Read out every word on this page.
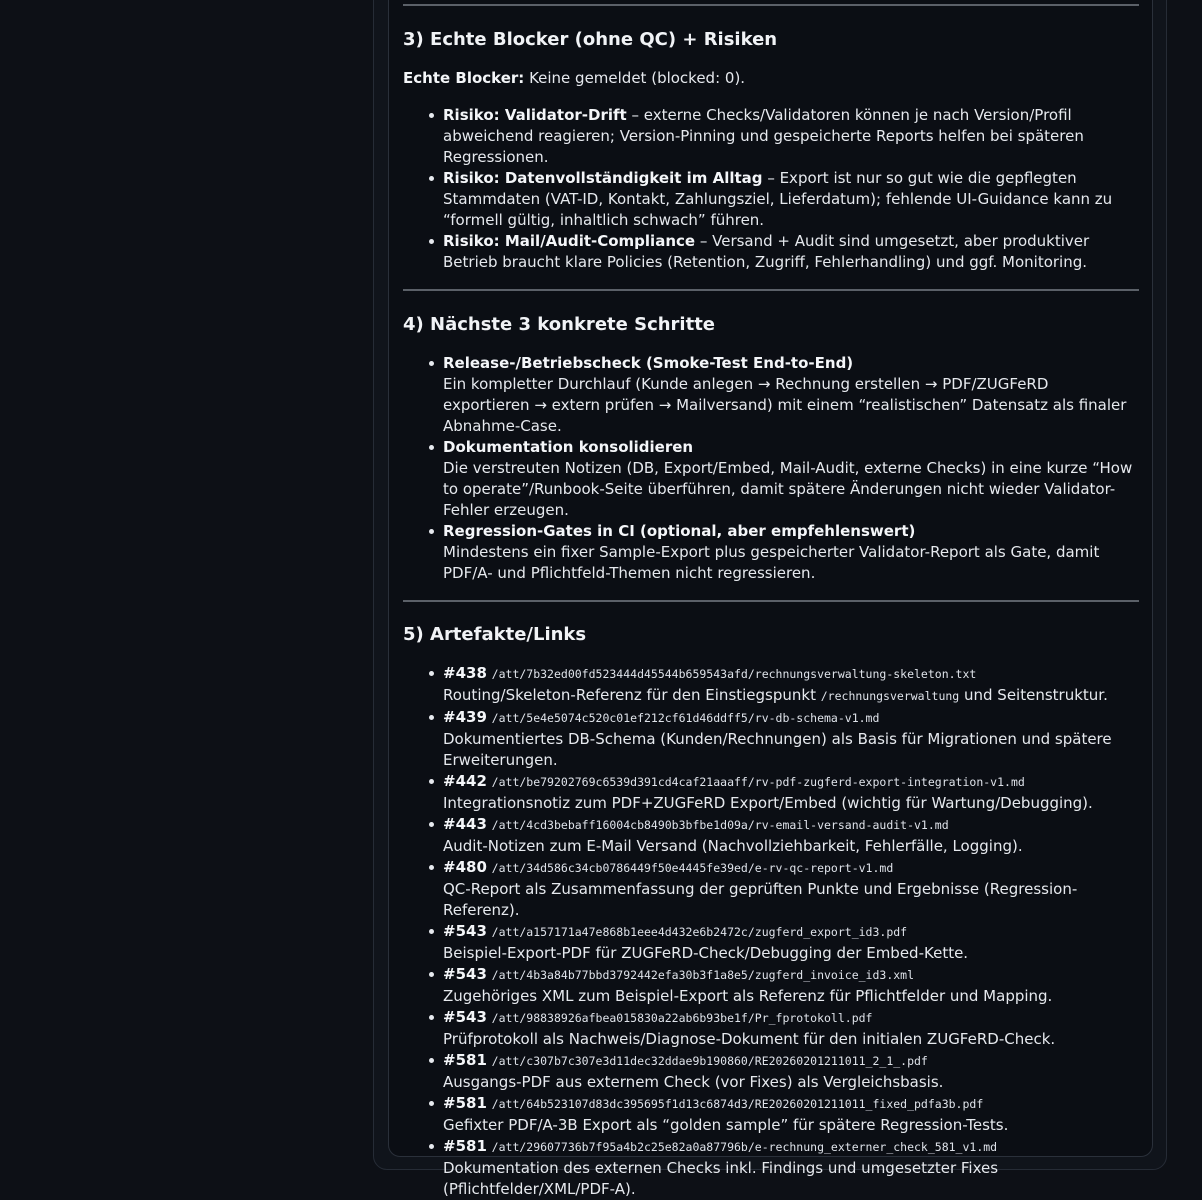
3) Echte Blocker (ohne QC) + Risiken

Echte Blocker: Keine gemeldet (blocked: 0).

Risiko: Validator-Drift – externe Checks/Validatoren können je nach Version/Profil abweichend reagieren; Version-Pinning und gespeicherte Reports helfen bei späteren Regressionen.
Risiko: Datenvollständigkeit im Alltag – Export ist nur so gut wie die gepflegten Stammdaten (VAT-ID, Kontakt, Zahlungsziel, Lieferdatum); fehlende UI-Guidance kann zu “formell gültig, inhaltlich schwach” führen.
Risiko: Mail/Audit-Compliance – Versand + Audit sind umgesetzt, aber produktiver Betrieb braucht klare Policies (Retention, Zugriff, Fehlerhandling) und ggf. Monitoring.
4) Nächste 3 konkrete Schritte
Release-/Betriebscheck (Smoke-Test End-to-End)
Ein kompletter Durchlauf (Kunde anlegen → Rechnung erstellen → PDF/ZUGFeRD exportieren → extern prüfen → Mailversand) mit einem “realistischen” Datensatz als finaler Abnahme-Case.
Dokumentation konsolidieren
Die verstreuten Notizen (DB, Export/Embed, Mail-Audit, externe Checks) in eine kurze “How to operate”/Runbook-Seite überführen, damit spätere Änderungen nicht wieder Validator-Fehler erzeugen.
Regression-Gates in CI (optional, aber empfehlenswert)
Mindestens ein fixer Sample-Export plus gespeicherter Validator-Report als Gate, damit PDF/A- und Pflichtfeld-Themen nicht regressieren.
5) Artefakte/Links
#438 /att/7b32ed00fd523444d45544b659543afd/rechnungsverwaltung-skeleton.txt
Routing/Skeleton-Referenz für den Einstiegspunkt /rechnungsverwaltung und Seitenstruktur.
#439 /att/5e4e5074c520c01ef212cf61d46ddff5/rv-db-schema-v1.md
Dokumentiertes DB-Schema (Kunden/Rechnungen) als Basis für Migrationen und spätere Erweiterungen.
#442 /att/be79202769c6539d391cd4caf21aaaff/rv-pdf-zugferd-export-integration-v1.md
Integrationsnotiz zum PDF+ZUGFeRD Export/Embed (wichtig für Wartung/Debugging).
#443 /att/4cd3bebaff16004cb8490b3bfbe1d09a/rv-email-versand-audit-v1.md
Audit-Notizen zum E-Mail Versand (Nachvollziehbarkeit, Fehlerfälle, Logging).
#480 /att/34d586c34cb0786449f50e4445fe39ed/e-rv-qc-report-v1.md
QC-Report als Zusammenfassung der geprüften Punkte und Ergebnisse (Regression-Referenz).
#543 /att/a157171a47e868b1eee4d432e6b2472c/zugferd_export_id3.pdf
Beispiel-Export-PDF für ZUGFeRD-Check/Debugging der Embed-Kette.
#543 /att/4b3a84b77bbd3792442efa30b3f1a8e5/zugferd_invoice_id3.xml
Zugehöriges XML zum Beispiel-Export als Referenz für Pflichtfelder und Mapping.
#543 /att/98838926afbea015830a22ab6b93be1f/Pr_fprotokoll.pdf
Prüfprotokoll als Nachweis/Diagnose-Dokument für den initialen ZUGFeRD-Check.
#581 /att/c307b7c307e3d11dec32ddae9b190860/RE20260201211011_2_1_.pdf
Ausgangs-PDF aus externem Check (vor Fixes) als Vergleichsbasis.
#581 /att/64b523107d83dc395695f1d13c6874d3/RE20260201211011_fixed_pdfa3b.pdf
Gefixter PDF/A-3B Export als “golden sample” für spätere Regression-Tests.
#581 /att/29607736b7f95a4b2c25e82a0a87796b/e-rechnung_externer_check_581_v1.md
Dokumentation des externen Checks inkl. Findings und umgesetzter Fixes (Pflichtfelder/XML/PDF-A).
